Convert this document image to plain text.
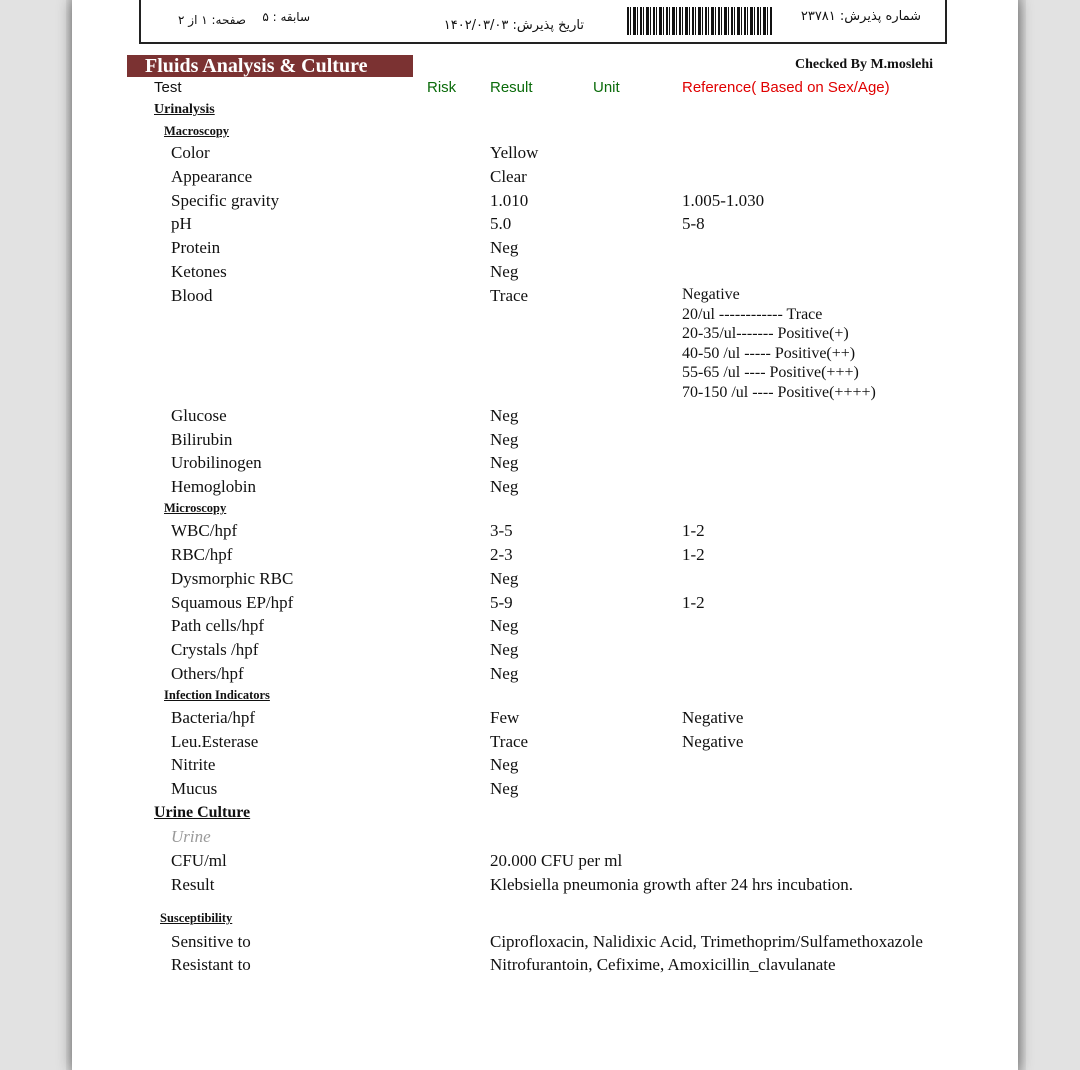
شماره پذیرش: ۲۳۷۸۱
تاریخ پذیرش: ۱۴۰۲/۰۳/۰۳
صفحه: ۱ از ۲	سابقه : ۵
Fluids Analysis & Culture	Checked By M.moslehi
Test	Risk Result	Unit	Reference( Based on Sex/Age)
Urinalysis
Macroscopy
Color	Yellow
Appearance	Clear
Specific gravity	1.010	1.005-1.030
pH	5.0	5-8
Protein	Neg
Ketones	Neg
Blood	Trace	Negative
20/ul ------------ Trace
20-35/ul------- Positive(+)
40-50 /ul ----- Positive(++)
55-65 /ul ---- Positive(+++)
70-150 /ul ---- Positive(++++)
Glucose	Neg
Bilirubin	Neg
Urobilinogen	Neg
Hemoglobin	Neg
Microscopy
WBC/hpf	3-5	1-2
RBC/hpf	2-3	1-2
Dysmorphic RBC	Neg
Squamous EP/hpf	5-9	1-2
Path cells/hpf	Neg
Crystals /hpf	Neg
Others/hpf	Neg
Infection Indicators
Bacteria/hpf	Few	Negative
Leu.Esterase	Trace	Negative
Nitrite	Neg
Mucus	Neg
Urine Culture
Urine
CFU/ml	20.000 CFU per ml
Result	Klebsiella pneumonia growth after 24 hrs incubation.
Susceptibility
Sensitive to	Ciprofloxacin, Nalidixic Acid, Trimethoprim/Sulfamethoxazole
Resistant to	Nitrofurantoin, Cefixime, Amoxicillin_clavulanate
